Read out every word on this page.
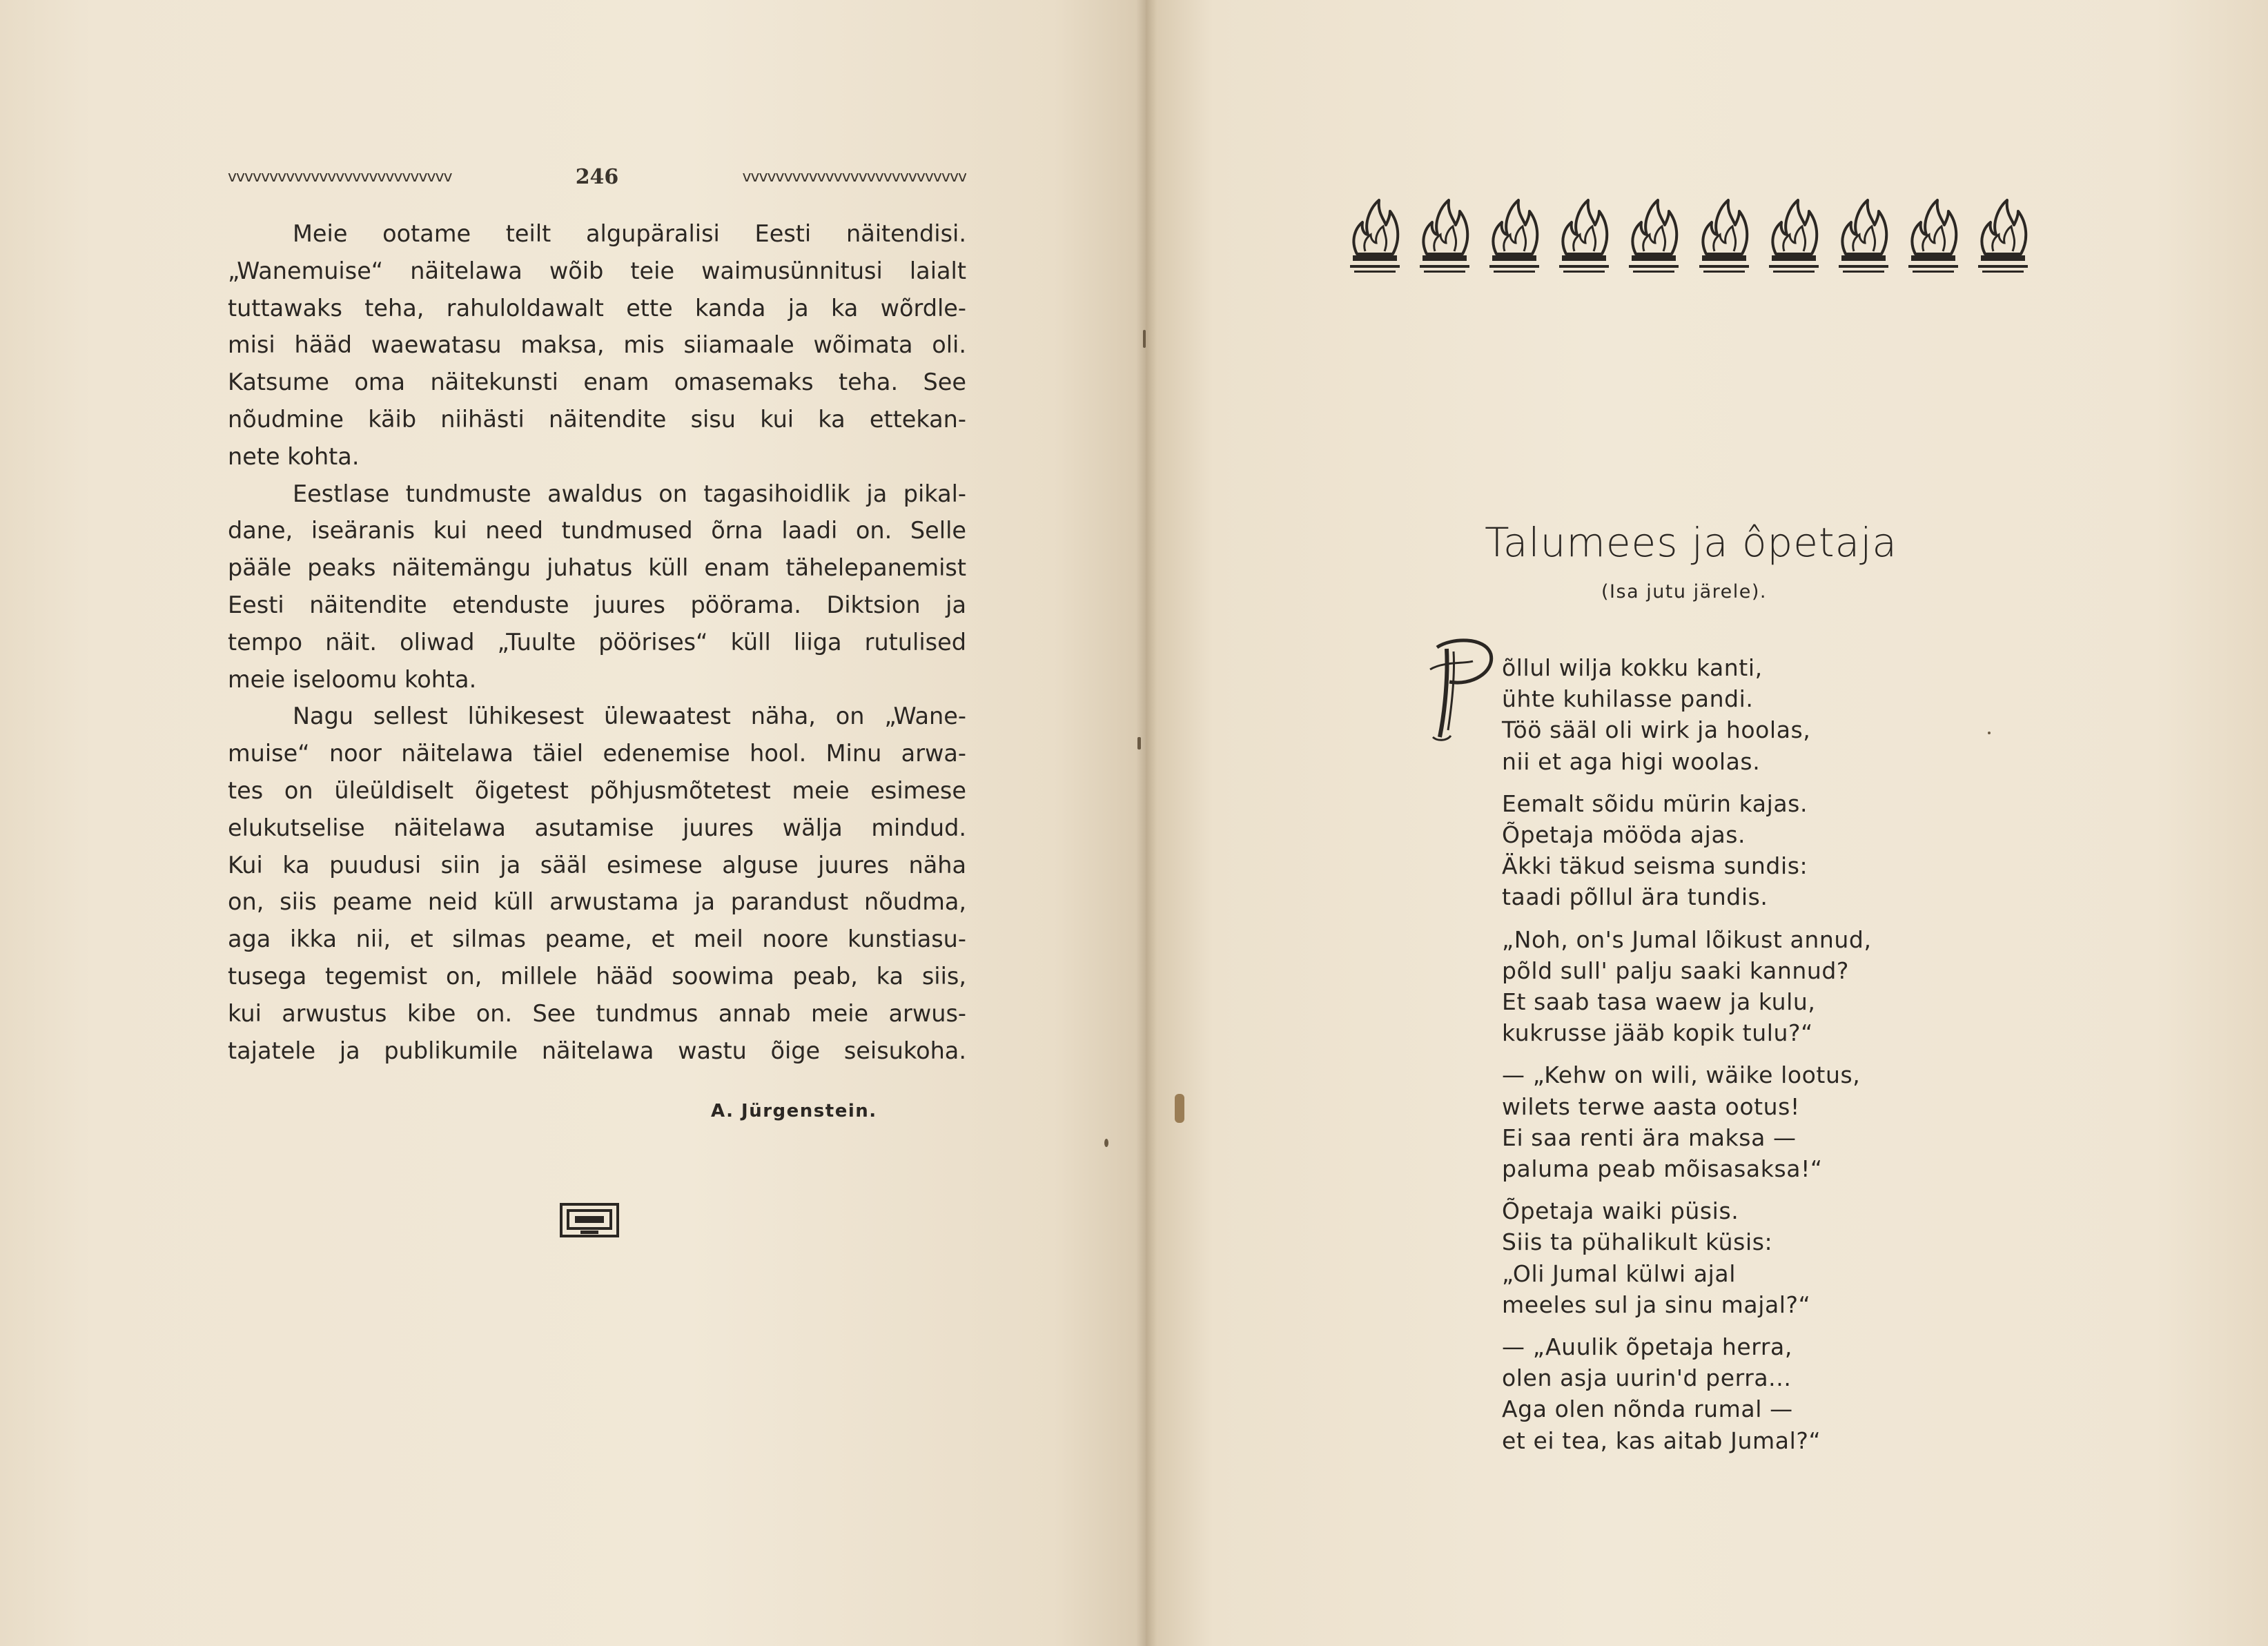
vvvvvvvvvvvvvvvvvvvvvvvvvvv	246	vvvvvvvvvvvvvvvvvvvvvvvvvvv
Meie ootame teilt algupäralisi Eesti näitendisi.
„Wanemuise“ näitelawa wõib teie waimusünnitusi laialt
tuttawaks teha, rahuloldawalt ette kanda ja ka wõrdle-
misi hääd waewatasu maksa, mis siiamaale wõimata oli.
Katsume oma näitekunsti enam omasemaks teha. See
nõudmine käib niihästi näitendite sisu kui ka ettekan-
nete kohta.
Eestlase tundmuste awaldus on tagasihoidlik ja pikal-
dane, iseäranis kui need tundmused õrna laadi on. Selle
pääle peaks näitemängu juhatus küll enam tähelepanemist
Eesti näitendite etenduste juures pöörama. Diktsion ja
tempo näit. oliwad „Tuulte pöörises“ küll liiga rutulised
meie iseloomu kohta.
Nagu sellest lühikesest ülewaatest näha, on „Wane-
muise“ noor näitelawa täiel edenemise hool. Minu arwa-
tes on üleüldiselt õigetest põhjusmõtetest meie esimese
elukutselise näitelawa asutamise juures wälja mindud.
Kui ka puudusi siin ja sääl esimese alguse juures näha
on, siis peame neid küll arwustama ja parandust nõudma,
aga ikka nii, et silmas peame, et meil noore kunstiasu-
tusega tegemist on, millele hääd soowima peab, ka siis,
kui arwustus kibe on. See tundmus annab meie arwus-
tajatele ja publikumile näitelawa wastu õige seisukoha.
A. Jürgenstein.
Talumees ja ôpetaja
(Isa jutu järele).
õllul wilja kokku kanti,
ühte kuhilasse pandi.
Töö sääl oli wirk ja hoolas,
nii et aga higi woolas.
Eemalt sõidu mürin kajas.
Õpetaja mööda ajas.
Äkki täkud seisma sundis:
taadi põllul ära tundis.
„Noh, on's Jumal lõikust annud,
põld sull' palju saaki kannud?
Et saab tasa waew ja kulu,
kukrusse jääb kopik tulu?“
— „Kehw on wili, wäike lootus,
wilets terwe aasta ootus!
Ei saa renti ära maksa —
paluma peab mõisasaksa!“
Õpetaja waiki püsis.
Siis ta pühalikult küsis:
„Oli Jumal külwi ajal
meeles sul ja sinu majal?“
— „Auulik õpetaja herra,
olen asja uurin'd perra...
Aga olen nõnda rumal —
et ei tea, kas aitab Jumal?“
